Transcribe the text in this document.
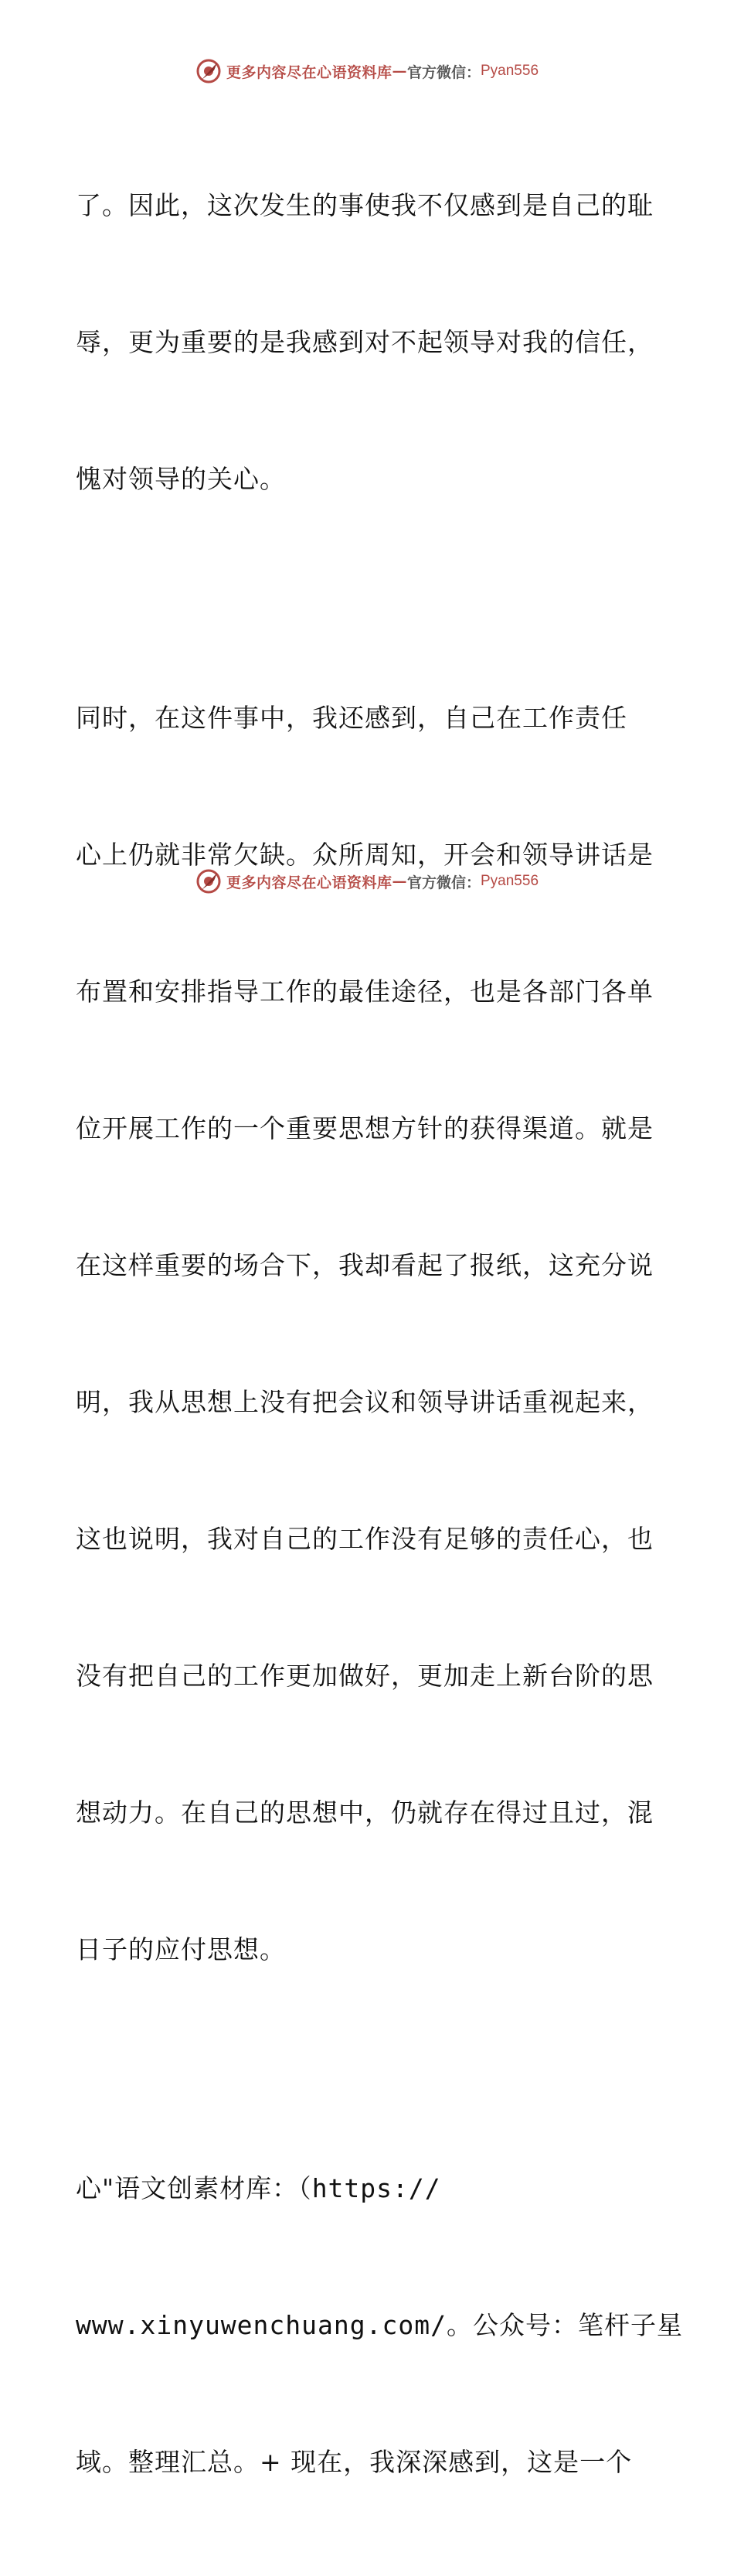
更多内容尽在心语资料库 — 官方微信： Pyan556

了。因此，这次发生的事使我不仅感到是自己的耻

辱，更为重要的是我感到对不起领导对我的信任，

愧对领导的关心。

同时，在这件事中，我还感到，自己在工作责任

心上仍就非常欠缺。众所周知，开会和领导讲话是

布置和安排指导工作的最佳途径，也是各部门各单

位开展工作的一个重要思想方针的获得渠道。就是

在这样重要的场合下，我却看起了报纸，这充分说

明，我从思想上没有把会议和领导讲话重视起来，

这也说明，我对自己的工作没有足够的责任心，也

没有把自己的工作更加做好，更加走上新台阶的思

想动力。在自己的思想中，仍就存在得过且过，混

日子的应付思想。

心"语文创素材库：（https://

www.xinyuwenchuang.com/。公众号：笔杆子星

域。整理汇总。+ 现在，我深深感到，这是一个

更多内容尽在心语资料库 — 官方微信： Pyan556
